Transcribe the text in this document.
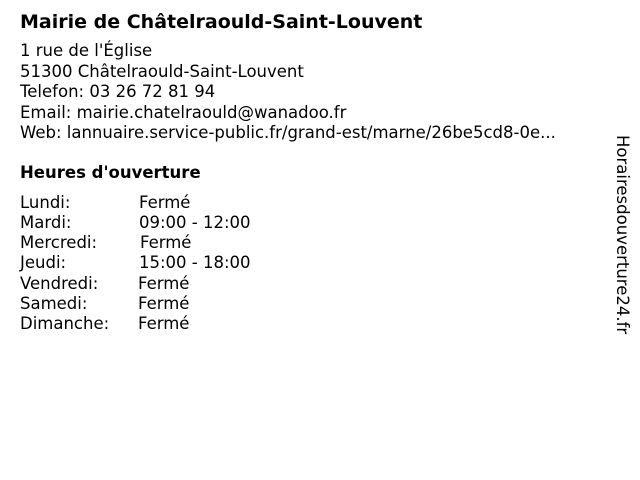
Mairie de Châtelraould-Saint-Louvent
1 rue de l'Église
51300 Châtelraould-Saint-Louvent
Telefon: 03 26 72 81 94
Email: mairie.chatelraould@wanadoo.fr
Web: lannuaire.service-public.fr/grand-est/marne/26be5cd8-0e...
Heures d'ouverture
Lundi:	Fermé
Mardi:	09:00 - 12:00
Mercredi:	Fermé
Jeudi:	15:00 - 18:00
Vendredi: Fermé
Samedi:	Fermé
Dimanche: Fermé	Horairesdouverture24.fr
